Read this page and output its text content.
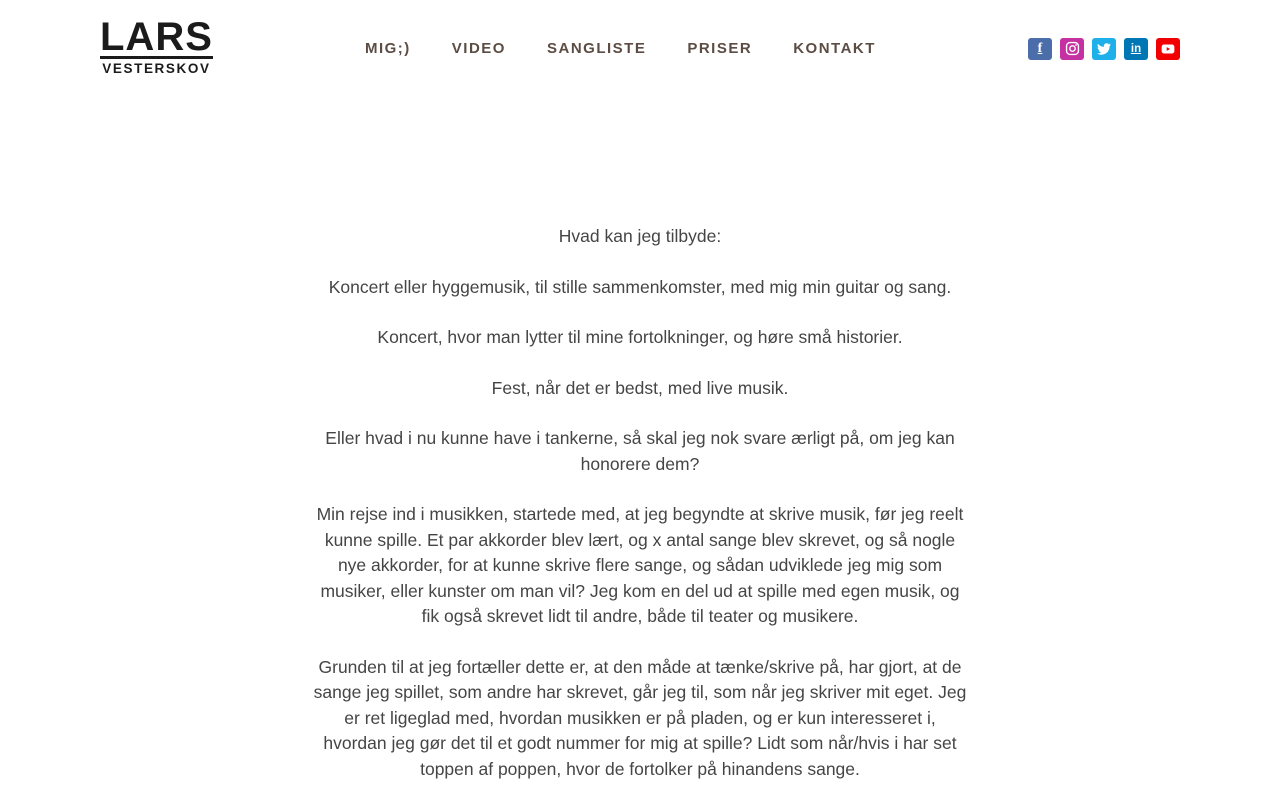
LARS
VESTERSKOV
MIG;)	VIDEO	SANGLISTE	PRISER	KONTAKT	f	in

Hvad kan jeg tilbyde:

Koncert eller hyggemusik, til stille sammenkomster, med mig min guitar og sang.

Koncert, hvor man lytter til mine fortolkninger, og høre små historier.

Fest, når det er bedst, med live musik.

Eller hvad i nu kunne have i tankerne, så skal jeg nok svare ærligt på, om jeg kan honorere dem?

Min rejse ind i musikken, startede med, at jeg begyndte at skrive musik, før jeg reelt kunne spille. Et par akkorder blev lært, og x antal sange blev skrevet, og så nogle nye akkorder, for at kunne skrive flere sange, og sådan udviklede jeg mig som musiker, eller kunster om man vil? Jeg kom en del ud at spille med egen musik, og fik også skrevet lidt til andre, både til teater og musikere.

Grunden til at jeg fortæller dette er, at den måde at tænke/skrive på, har gjort, at de sange jeg spillet, som andre har skrevet, går jeg til, som når jeg skriver mit eget. Jeg er ret ligeglad med, hvordan musikken er på pladen, og er kun interesseret i, hvordan jeg gør det til et godt nummer for mig at spille? Lidt som når/hvis i har set toppen af poppen, hvor de fortolker på hinandens sange.
